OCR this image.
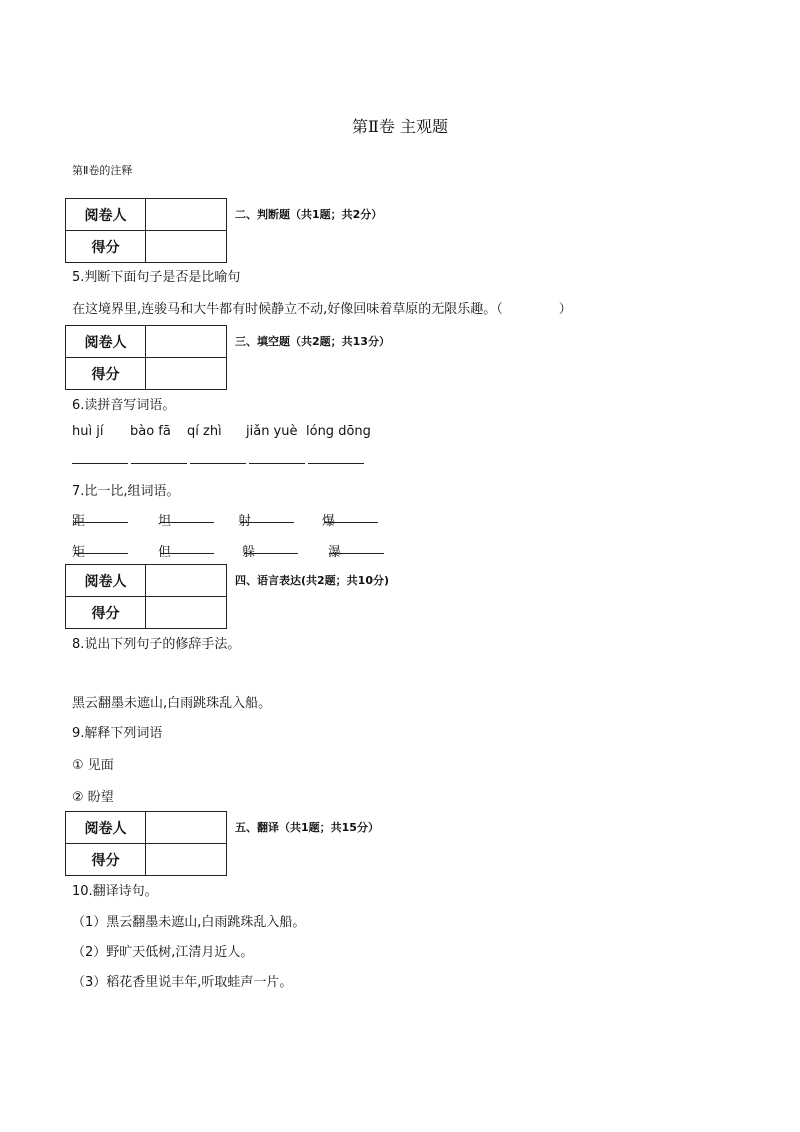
第Ⅱ卷 主观题
第Ⅱ卷的注释
阅卷人	
得分	
二、判断题（共1题；共2分）
5.判断下面句子是否是比喻句
在这境界里,连骏马和大牛都有时候静立不动,好像回味着草原的无限乐趣。（	）
阅卷人	
得分	
三、填空题（共2题；共13分）
6.读拼音写词语。
huì jí bào fā qí zhì jiǎn yuè lóng dōng
7.比一比,组词语。
距	坦	射	爆
矩	但	躲	瀑
阅卷人	
得分	
四、语言表达(共2题；共10分)
8.说出下列句子的修辞手法。
黑云翻墨未遮山,白雨跳珠乱入船。
9.解释下列词语
① 见面
② 盼望
阅卷人	
得分	
五、翻译（共1题；共15分）
10.翻译诗句。
（1）黑云翻墨未遮山,白雨跳珠乱入船。
（2）野旷天低树,江清月近人。
（3）稻花香里说丰年,听取蛙声一片。
